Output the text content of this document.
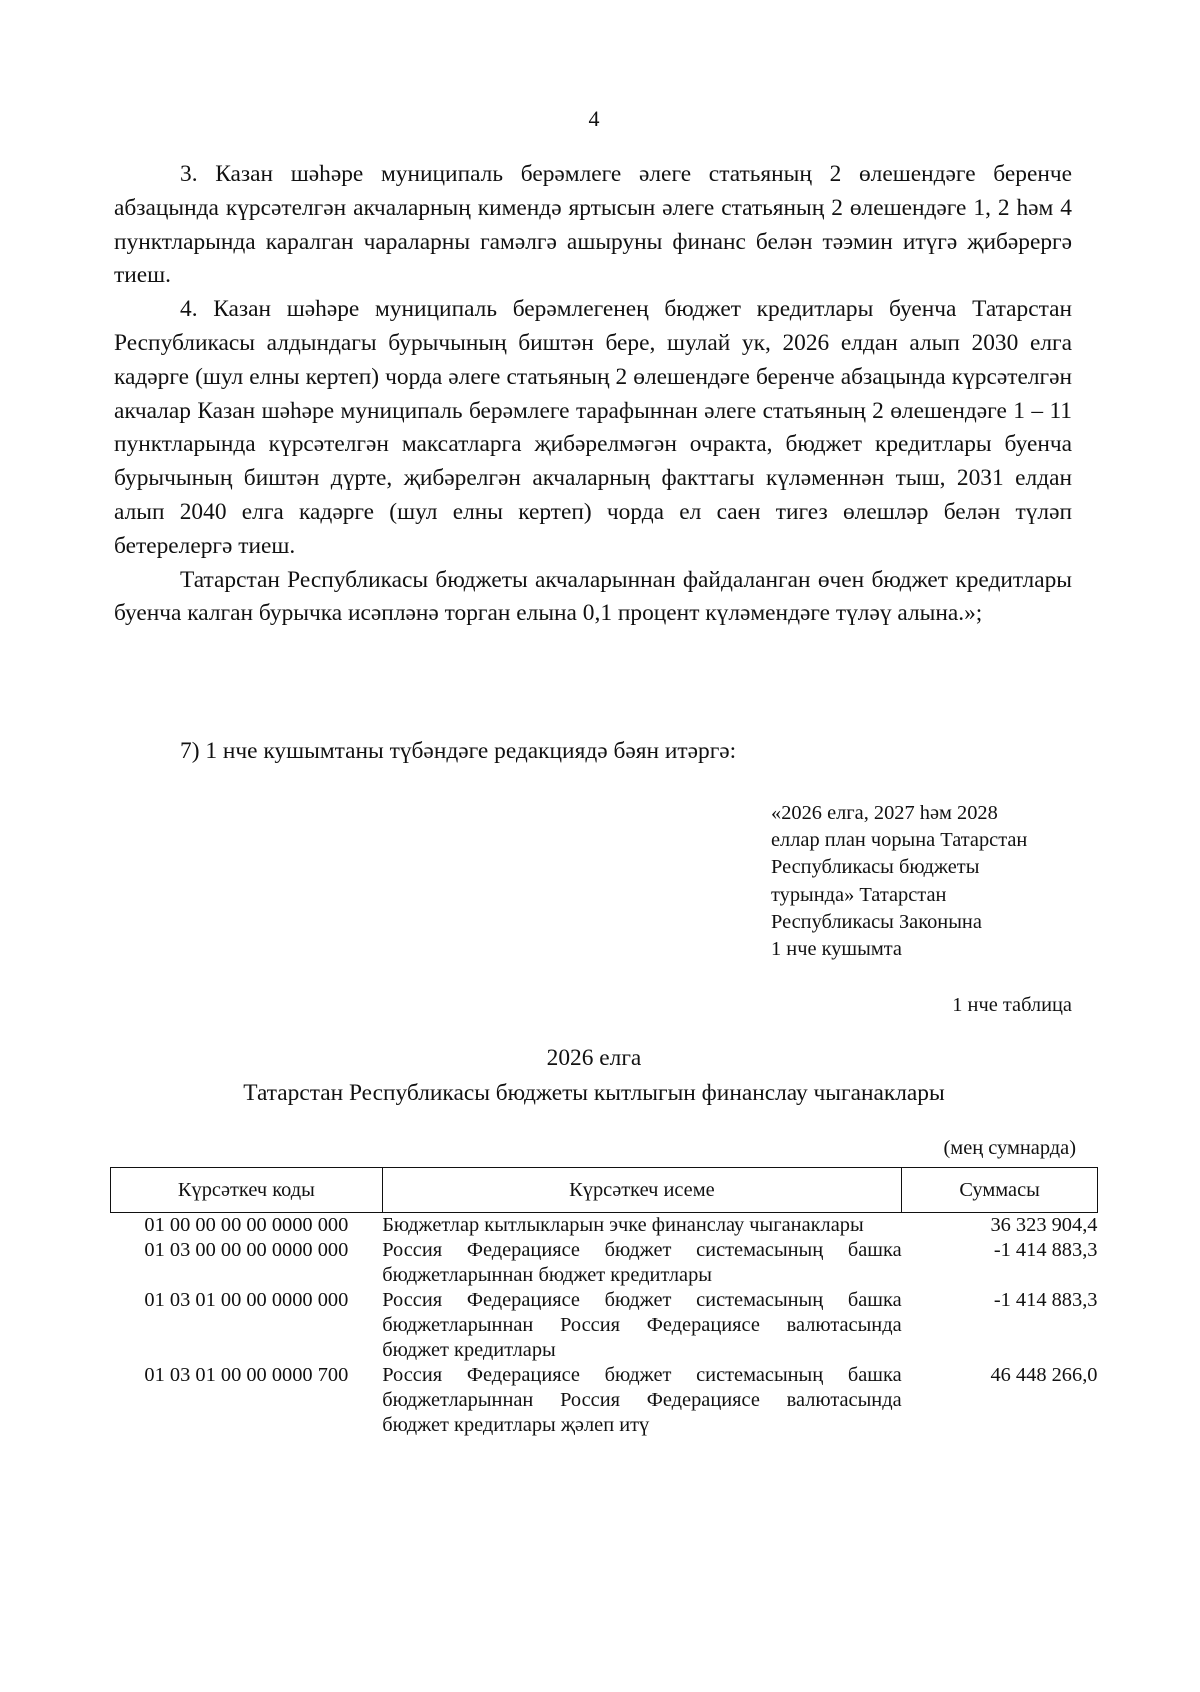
4

3. Казан шәһәре муниципаль берәмлеге әлеге статьяның 2 өлешендәге беренче абзацында күрсәтелгән акчаларның кимендә яртысын әлеге статьяның 2 өлешендәге 1, 2 һәм 4 пунктларында каралган чараларны гамәлгә ашыруны финанс белән тәэмин итүгә җибәрергә тиеш.

4. Казан шәһәре муниципаль берәмлегенең бюджет кредитлары буенча Татарстан Республикасы алдындагы бурычының биштән бере, шулай ук, 2026 елдан алып 2030 елга кадәрге (шул елны кертеп) чорда әлеге статьяның 2 өлешендәге беренче абзацында күрсәтелгән акчалар Казан шәһәре муниципаль берәмлеге тарафыннан әлеге статьяның 2 өлешендәге 1 – 11 пунктларында күрсәтелгән максатларга җибәрелмәгән очракта, бюджет кредитлары буенча бурычының биштән дүрте, җибәрелгән акчаларның факттагы күләменнән тыш, 2031 елдан алып 2040 елга кадәрге (шул елны кертеп) чорда ел саен тигез өлешләр белән түләп бетерелергә тиеш.

Татарстан Республикасы бюджеты акчаларыннан файдаланган өчен бюджет кредитлары буенча калган бурычка исәпләнә торган елына 0,1 процент күләмендәге түләү алына.»;

7) 1 нче кушымтаны түбәндәге редакциядә бәян итәргә:
«2026 елга, 2027 һәм 2028
еллар план чорына Татарстан
Республикасы бюджеты
турында» Татарстан
Республикасы Законына
1 нче кушымта
1 нче таблица
2026 елга
Татарстан Республикасы бюджеты кытлыгын финанслау чыганаклары
(мең сумнарда)
Күрсәткеч коды	Күрсәткеч исеме	Суммасы
01 00 00 00 00 0000 000	Бюджетлар кытлыкларын эчке финанслау чыганаклары	36 323 904,4
01 03 00 00 00 0000 000	Россия Федерациясе бюджет системасының башка бюджетларыннан бюджет кредитлары	-1 414 883,3
01 03 01 00 00 0000 000	Россия Федерациясе бюджет системасының башка бюджетларыннан Россия Федерациясе валютасында бюджет кредитлары	-1 414 883,3
01 03 01 00 00 0000 700	Россия Федерациясе бюджет системасының башка бюджетларыннан Россия Федерациясе валютасында бюджет кредитлары җәлеп итү	46 448 266,0
